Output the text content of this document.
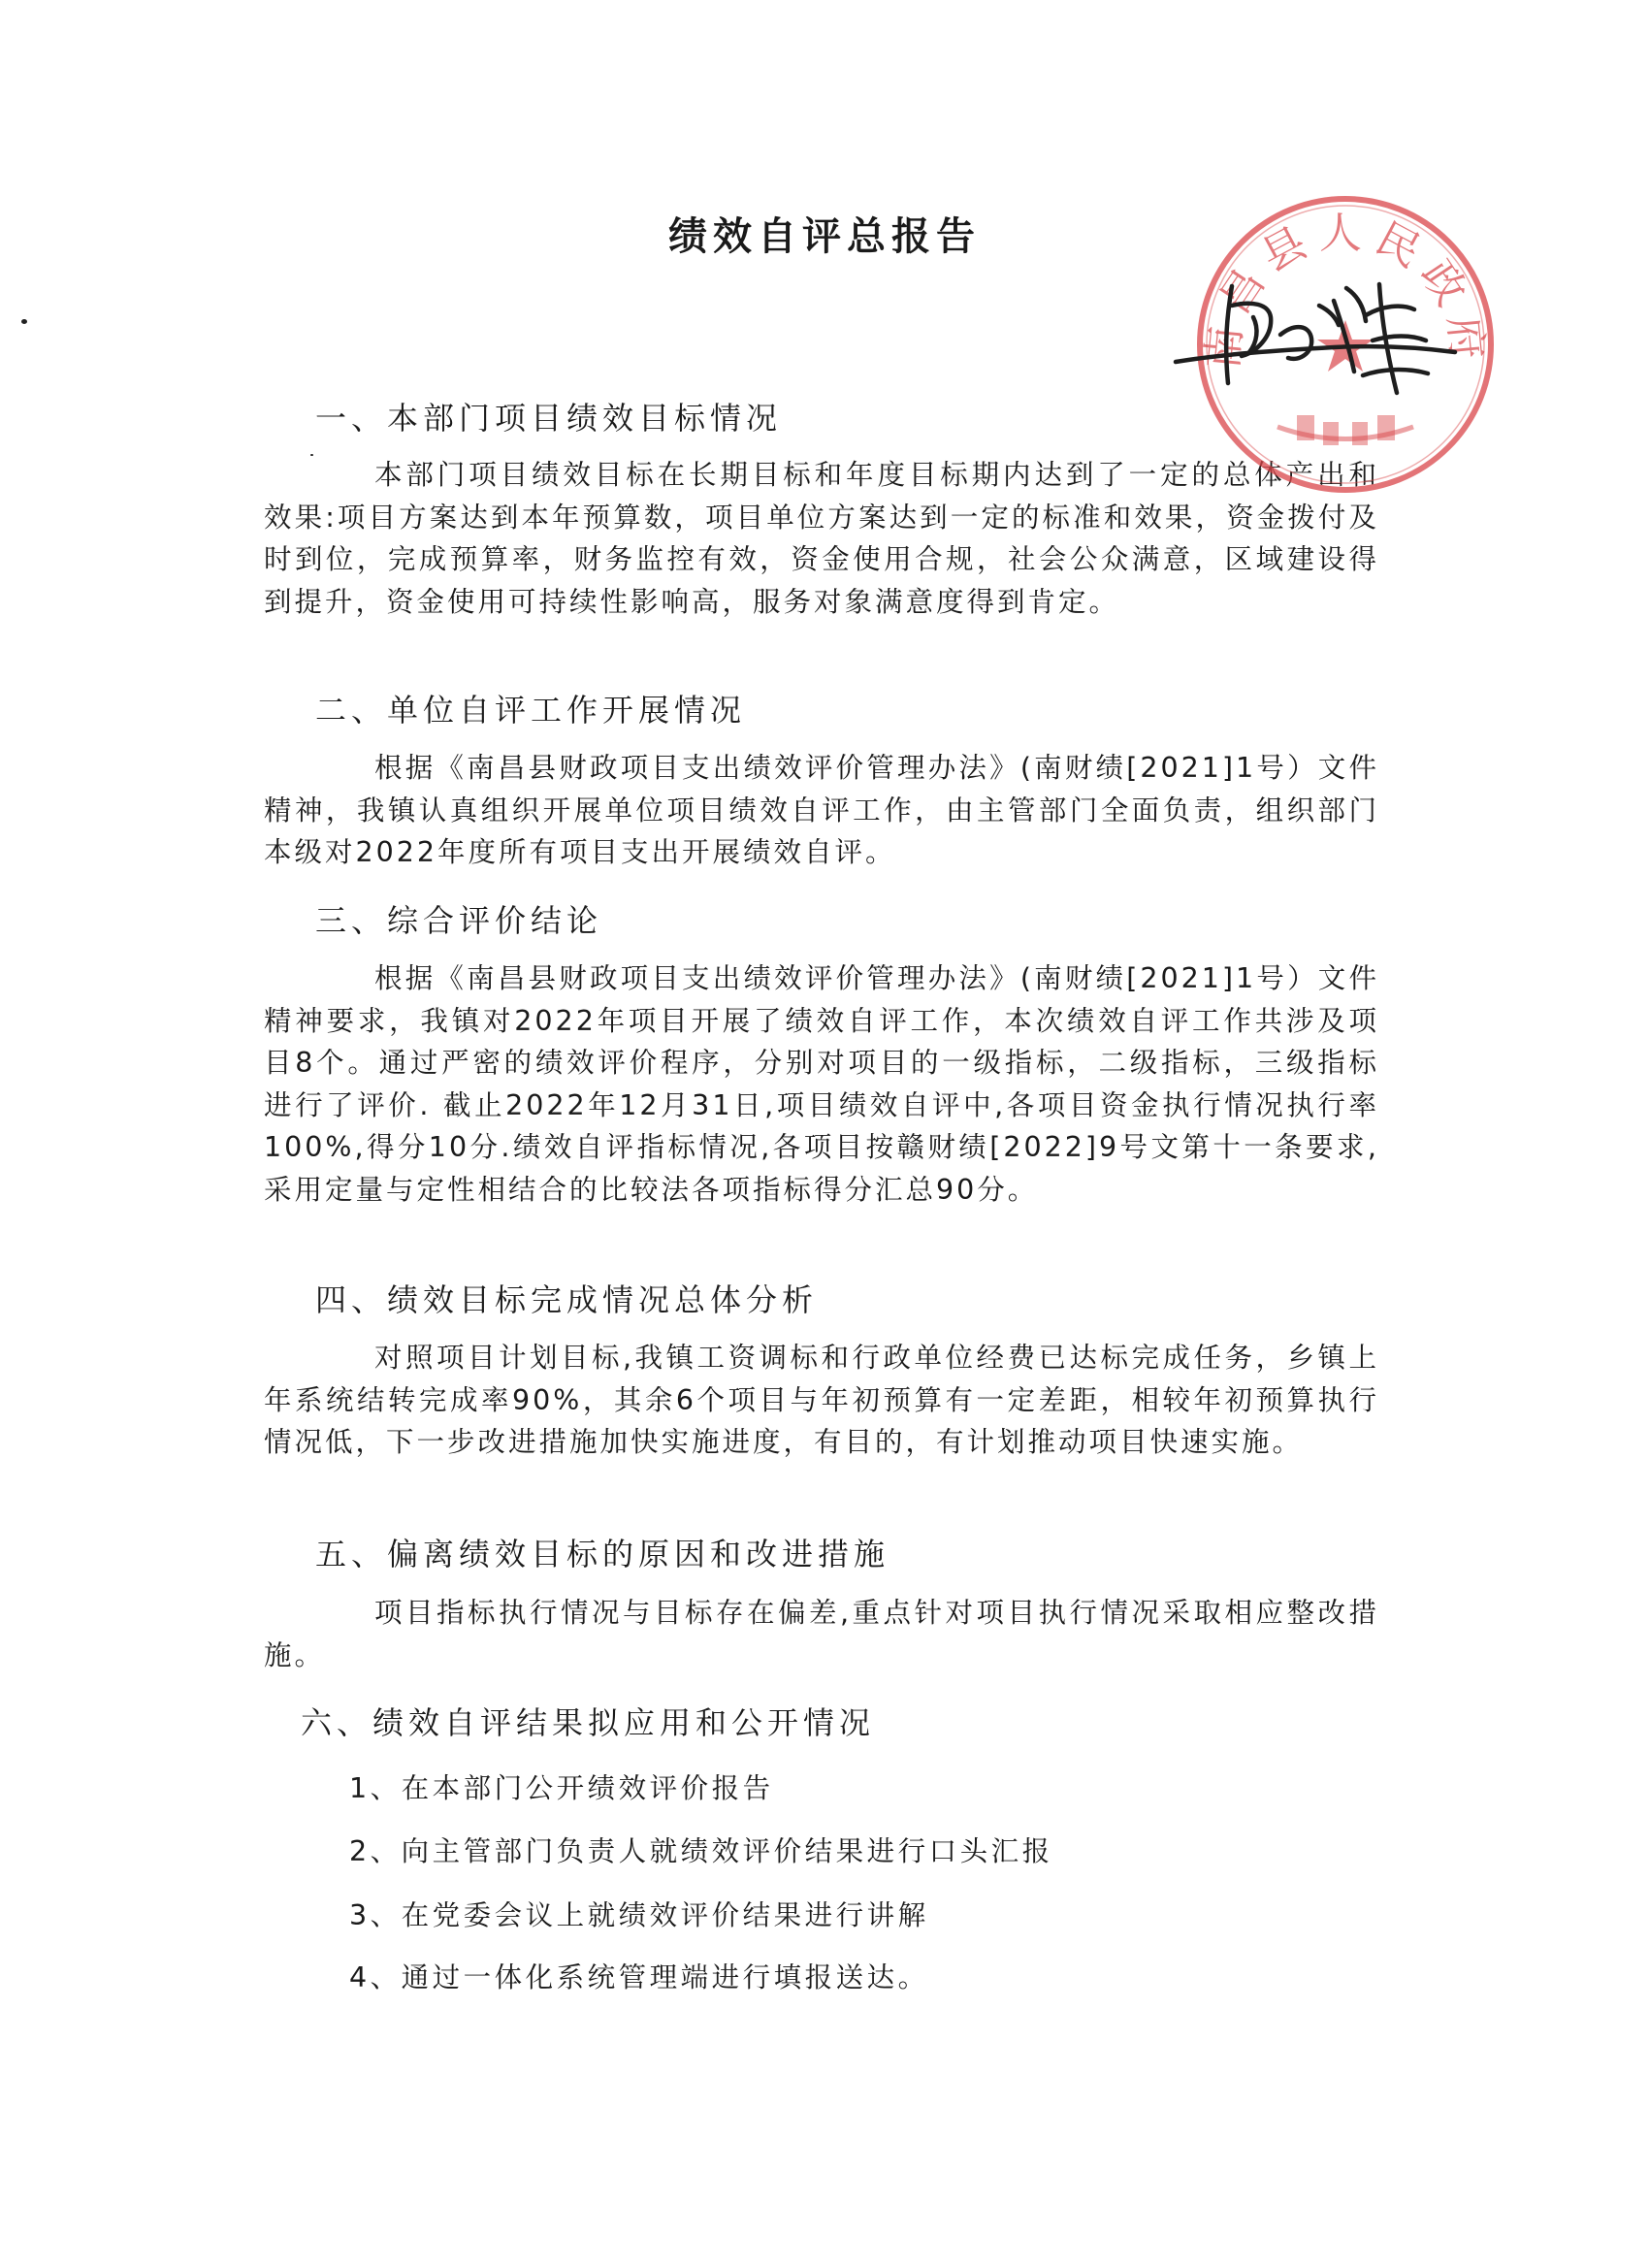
绩效自评总报告
一、本部门项目绩效目标情况
本部门项目绩效目标在长期目标和年度目标期内达到了一定的总体产出和效果:项目方案达到本年预算数，项目单位方案达到一定的标准和效果，资金拨付及时到位，完成预算率，财务监控有效，资金使用合规，社会公众满意，区域建设得到提升，资金使用可持续性影响高，服务对象满意度得到肯定。
二、单位自评工作开展情况
根据《南昌县财政项目支出绩效评价管理办法》(南财绩[2021]1号）文件精神，我镇认真组织开展单位项目绩效自评工作，由主管部门全面负责，组织部门本级对2022年度所有项目支出开展绩效自评。
三、综合评价结论
根据《南昌县财政项目支出绩效评价管理办法》(南财绩[2021]1号）文件精神要求，我镇对2022年项目开展了绩效自评工作，本次绩效自评工作共涉及项目8个。通过严密的绩效评价程序，分别对项目的一级指标，二级指标，三级指标进行了评价. 截止2022年12月31日,项目绩效自评中,各项目资金执行情况执行率100%,得分10分.绩效自评指标情况,各项目按赣财绩[2022]9号文第十一条要求,采用定量与定性相结合的比较法各项指标得分汇总90分。
四、绩效目标完成情况总体分析
对照项目计划目标,我镇工资调标和行政单位经费已达标完成任务，乡镇上年系统结转完成率90%，其余6个项目与年初预算有一定差距，相较年初预算执行情况低，下一步改进措施加快实施进度，有目的，有计划推动项目快速实施。
五、偏离绩效目标的原因和改进措施
项目指标执行情况与目标存在偏差,重点针对项目执行情况采取相应整改措施。
六、绩效自评结果拟应用和公开情况
1、在本部门公开绩效评价报告
2、向主管部门负责人就绩效评价结果进行口头汇报
3、在党委会议上就绩效评价结果进行讲解
4、通过一体化系统管理端进行填报送达。
南昌县人民政府
